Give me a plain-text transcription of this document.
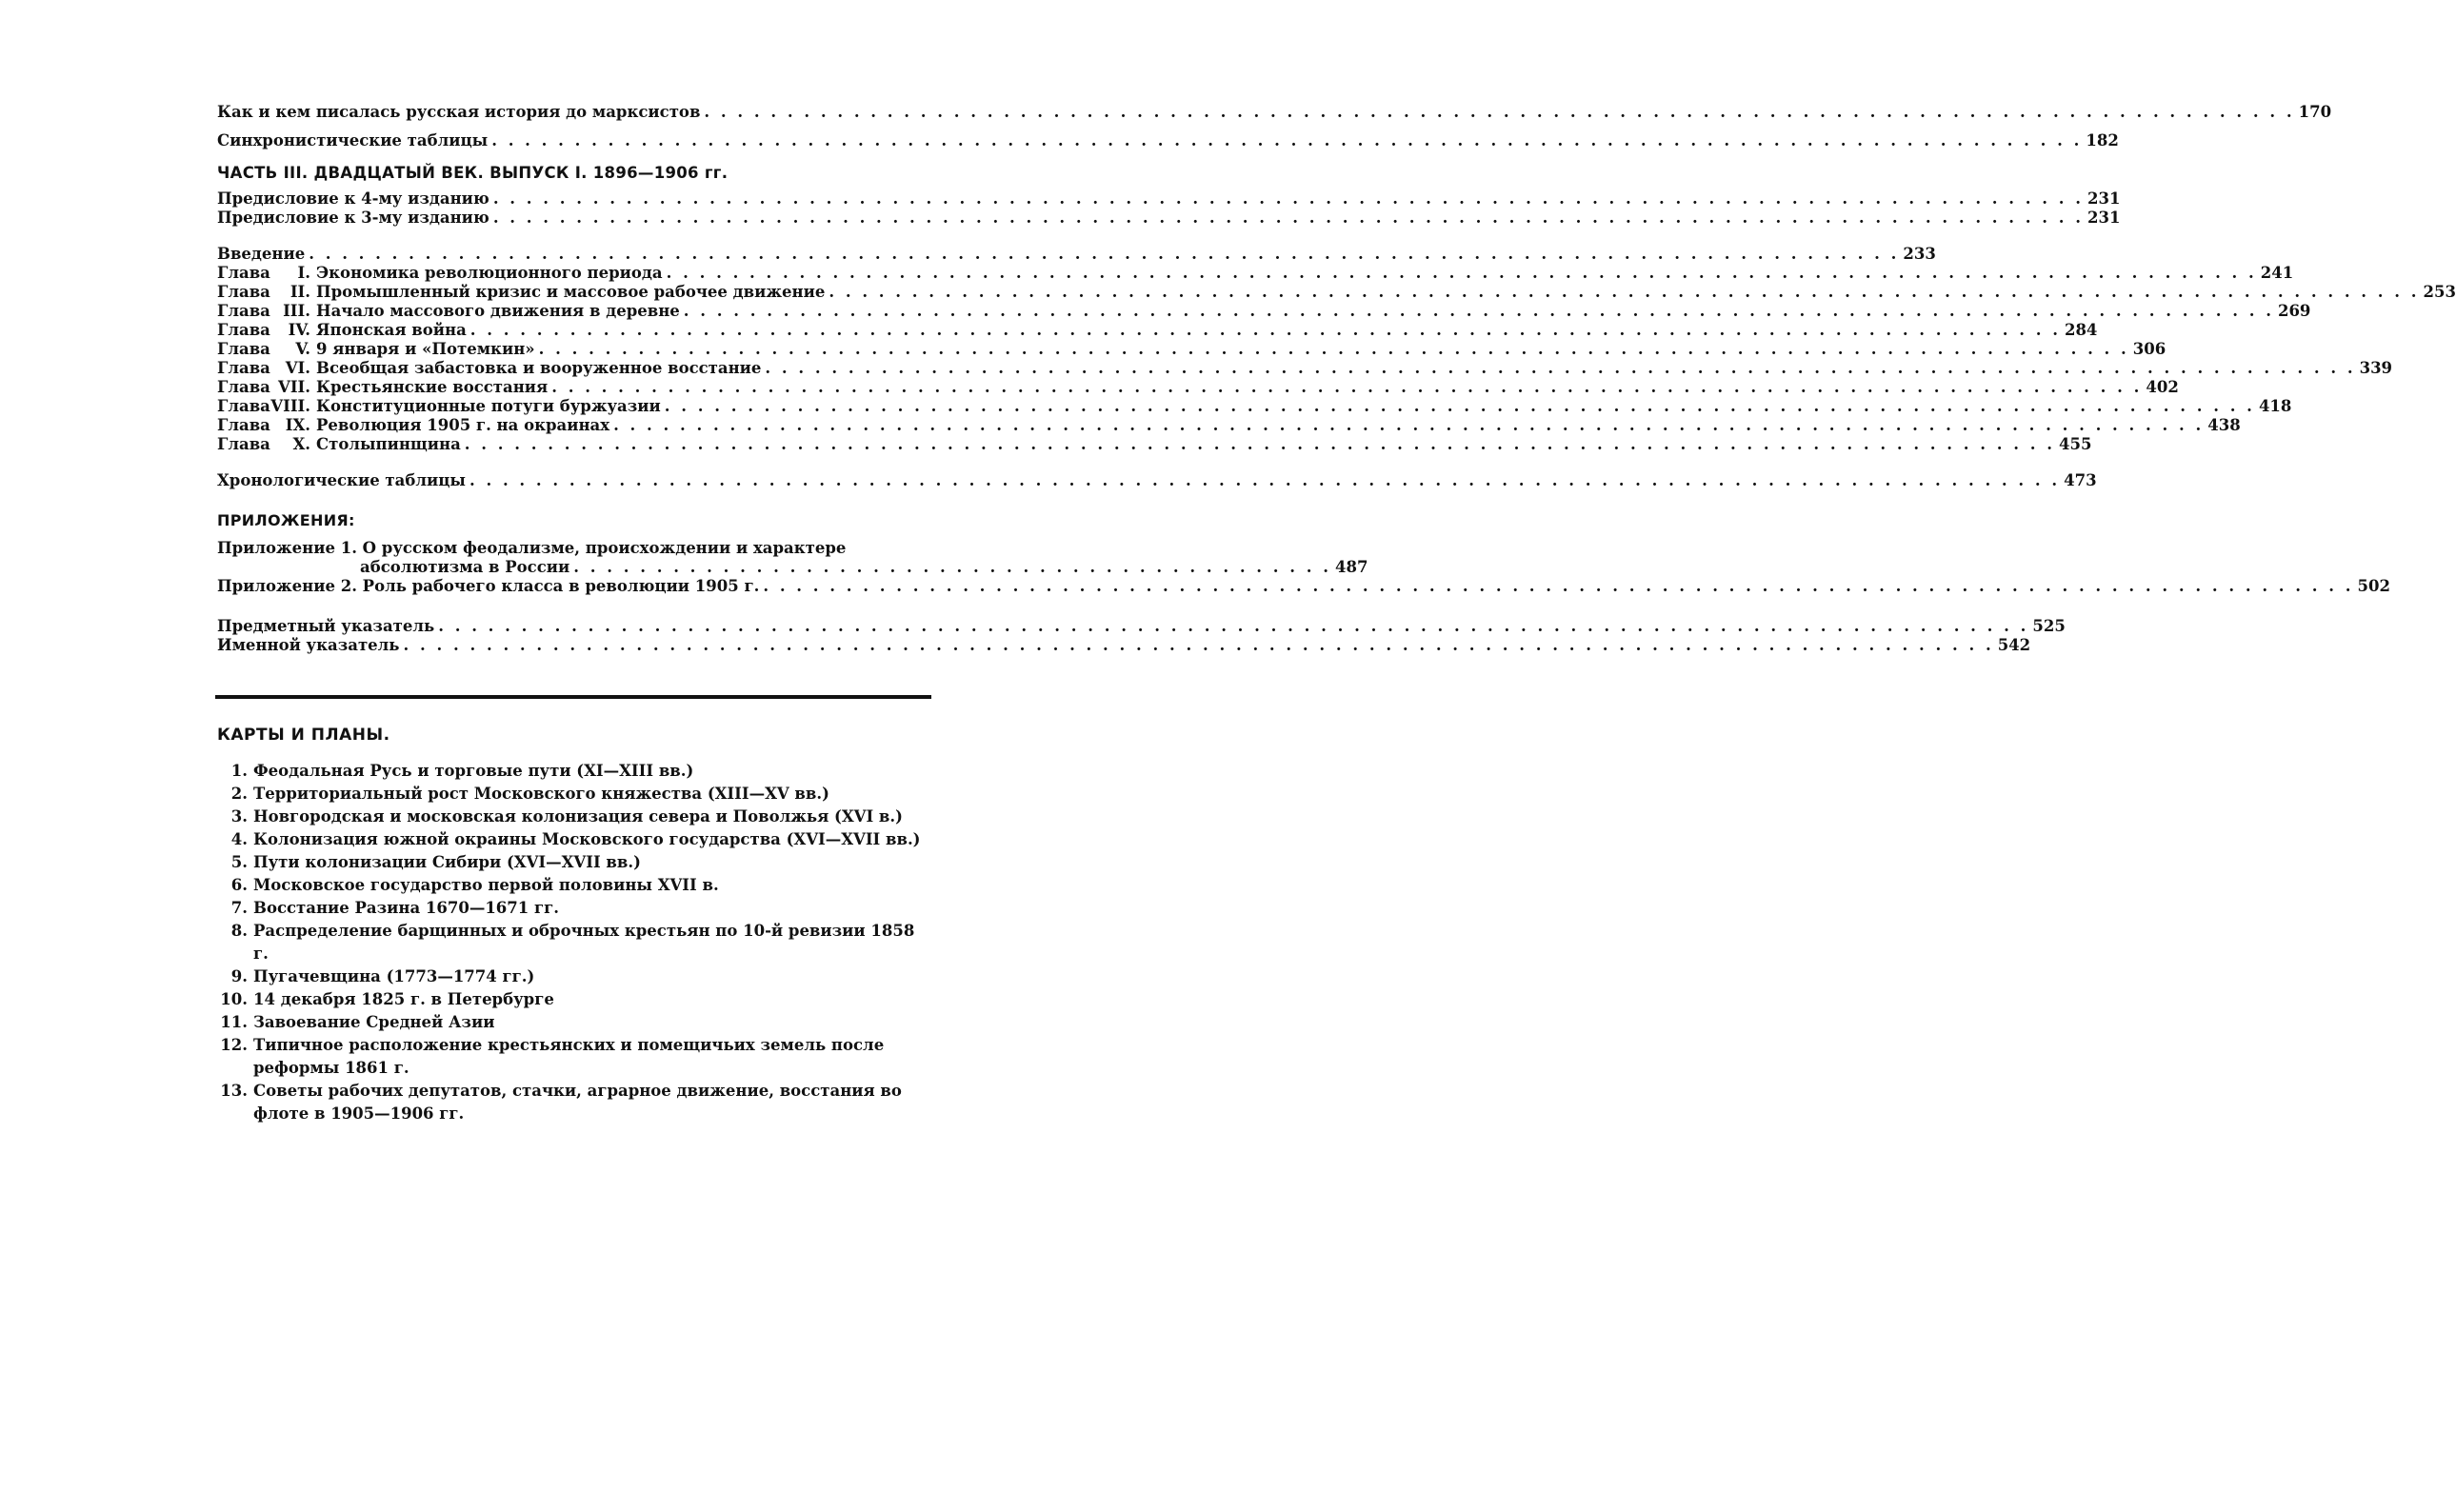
Как и кем писалась русская история до марксистов . . .	170
Синхронистические таблицы . . .	182
ЧАСТЬ III. ДВАДЦАТЫЙ ВЕК. ВЫПУСК I. 1896—1906 гг.
Предисловие к 4-му изданию . . .	231
Предисловие к 3-му изданию . . .	231
Введение . . .	233
Глава I. Экономика революционного периода . . .	241
Глава II. Промышленный кризис и массовое рабочее движение . . .	253
Глава III. Начало массового движения в деревне . . .	269
Глава IV. Японская война . . .	284
Глава V. 9 января и «Потемкин» . . .	306
Глава VI. Всеобщая забастовка и вооруженное восстание . . .	339
Глава VII. Крестьянские восстания . . .	402
ГлаваVIII. Конституционные потуги буржуазии . . .	418
Глава IX. Революция 1905 г. на окраинах . . .	438
Глава X. Столыпинщина . . .	455
Хронологические таблицы . . .	473
ПРИЛОЖЕНИЯ:
Приложение 1. О русском феодализме, происхождении и характере
абсолютизма в России . . . . . . . . . . . . . . . . . . . . . . . . . . . . . . . . . . . . . . . . . . . . . . 487
Приложение 2. Роль рабочего класса в революции 1905 г. . . .	502
Предметный указатель . . .	525
Именной указатель . . .	542
КАРТЫ И ПЛАНЫ.
1. Феодальная Русь и торговые пути (XI—XIII вв.)
2. Территориальный рост Московского княжества (XIII—XV вв.)
3. Новгородская и московская колонизация севера и Поволжья (XVI в.)
4. Колонизация южной окраины Московского государства (XVI—XVII вв.)
5. Пути колонизации Сибири (XVI—XVII вв.)
6. Московское государство первой половины XVII в.
7. Восстание Разина 1670—1671 гг.
8. Распределение барщинных и оброчных крестьян по 10-й ревизии 1858 г.
9. Пугачевщина (1773—1774 гг.)
10. 14 декабря 1825 г. в Петербурге
11. Завоевание Средней Азии
12. Типичное расположение крестьянских и помещичьих земель после реформы 1861 г.
13. Советы рабочих депутатов, стачки, аграрное движение, восстания во флоте в 1905—1906 гг.
